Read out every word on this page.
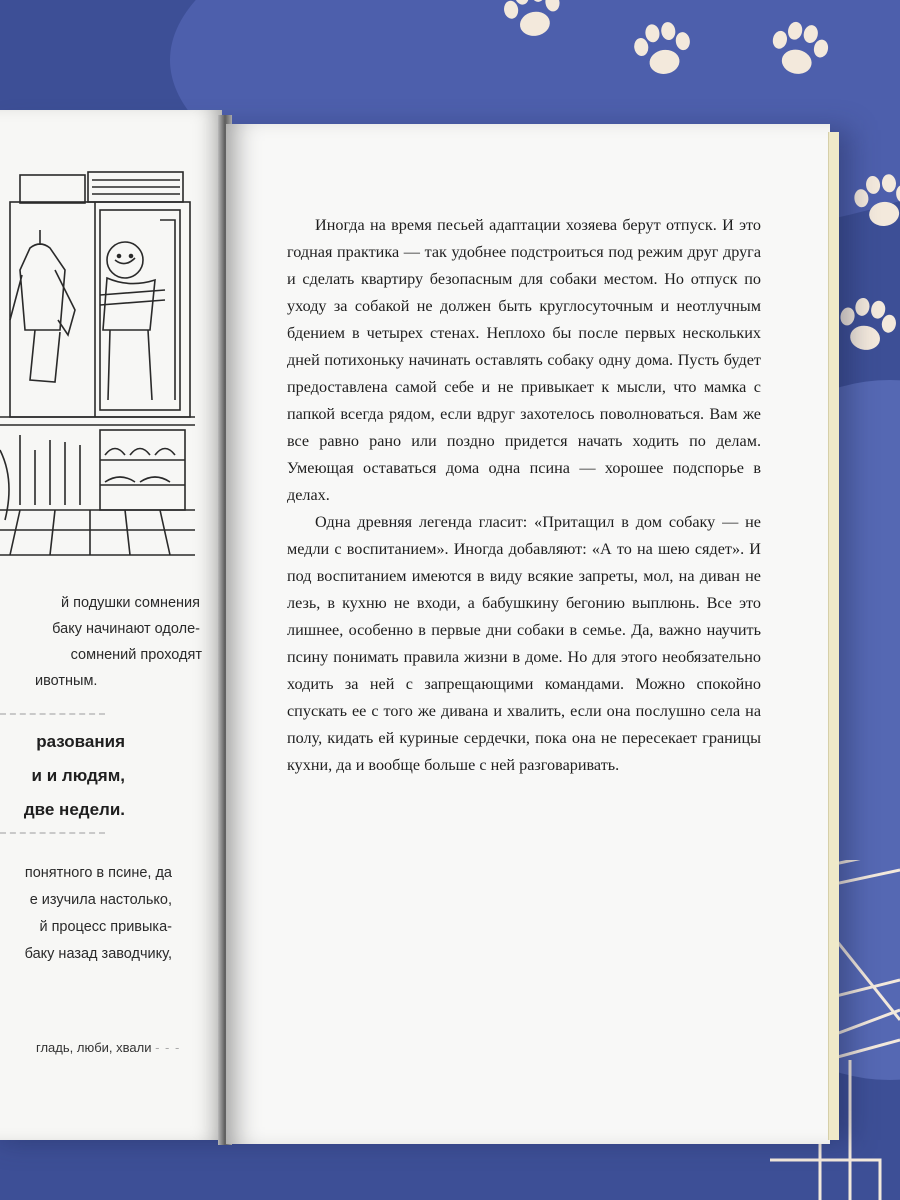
й подушки сомнения
баку начинают одоле-
сомнений проходят
ивотным.
разования
и и людям,
две недели.
понятного в псине, да
е изучила настолько,
й процесс привыка-
баку назад заводчику,
гладь, люби, хвали - - -

Иногда на время песьей адаптации хозяева берут отпуск. И это годная практика — так удобнее подстроиться под режим друг друга и сделать квартиру безопасным для собаки местом. Но отпуск по уходу за собакой не должен быть круглосуточным и неотлучным бдением в четырех стенах. Неплохо бы после первых нескольких дней потихоньку начинать оставлять собаку одну дома. Пусть будет предоставлена самой себе и не привыкает к мысли, что мамка с папкой всегда рядом, если вдруг захотелось поволноваться. Вам же все равно рано или поздно придется начать ходить по делам. Умеющая оставаться дома одна псина — хорошее подспорье в делах.

Одна древняя легенда гласит: «Притащил в дом собаку — не медли с воспитанием». Иногда добавляют: «А то на шею сядет». И под воспитанием имеются в виду всякие запреты, мол, на диван не лезь, в кухню не входи, а бабушкину бегонию выплюнь. Все это лишнее, особенно в первые дни собаки в семье. Да, важно научить псину понимать правила жизни в доме. Но для этого необязательно ходить за ней с запрещающими командами. Можно спокойно спускать ее с того же дивана и хвалить, если она послушно села на полу, кидать ей куриные сердечки, пока она не пересекает границы кухни, да и вообще больше с ней разговаривать.
